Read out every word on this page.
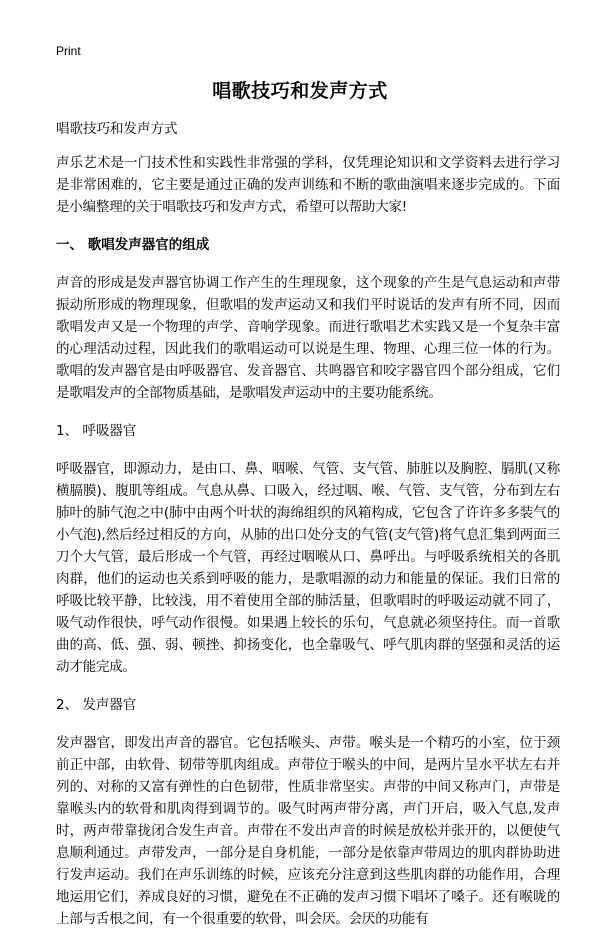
Print
唱歌技巧和发声方式
唱歌技巧和发声方式

声乐艺术是一门技术性和实践性非常强的学科，仅凭理论知识和文学资料去进行学习是非常困难的，它主要是通过正确的发声训练和不断的歌曲演唱来逐步完成的。下面是小编整理的关于唱歌技巧和发声方式，希望可以帮助大家!

一、 歌唱发声器官的组成

声音的形成是发声器官协调工作产生的生理现象，这个现象的产生是气息运动和声带振动所形成的物理现象，但歌唱的发声运动又和我们平时说话的发声有所不同，因而歌唱发声又是一个物理的声学、音响学现象。而进行歌唱艺术实践又是一个复杂丰富的心理活动过程，因此我们的歌唱运动可以说是生理、物理、心理三位一体的行为。歌唱的发声器官是由呼吸器官、发音器官、共鸣器官和咬字器官四个部分组成，它们是歌唱发声的全部物质基础，是歌唱发声运动中的主要功能系统。

1、 呼吸器官

呼吸器官，即源动力，是由口、鼻、咽喉、气管、支气管、肺脏以及胸腔、膈肌(又称横膈膜)、腹肌等组成。气息从鼻、口吸入，经过咽、喉、气管、支气管，分布到左右肺叶的肺气泡之中(肺中由两个叶状的海绵组织的风箱构成，它包含了许许多多装气的小气泡),然后经过相反的方向，从肺的出口处分支的气管(支气管)将气息汇集到两面三刀个大气管，最后形成一个气管，再经过咽喉从口、鼻呼出。与呼吸系统相关的各肌肉群，他们的运动也关系到呼吸的能力，是歌唱源的动力和能量的保证。我们日常的呼吸比较平静，比较浅，用不着使用全部的肺活量，但歌唱时的呼吸运动就不同了，吸气动作很快，呼气动作很慢。如果遇上较长的乐句，气息就必须坚持住。而一首歌曲的高、低、强、弱、顿挫、抑扬变化，也全靠吸气、呼气肌肉群的坚强和灵活的运动才能完成。

2、 发声器官

发声器官，即发出声音的器官。它包括喉头、声带。喉头是一个精巧的小室，位于颈前正中部，由软骨、韧带等肌肉组成。声带位于喉头的中间，是两片呈水平状左右并列的、对称的又富有弹性的白色韧带，性质非常坚实。声带的中间又称声门，声带是靠喉头内的软骨和肌肉得到调节的。吸气时两声带分离，声门开启，吸入气息,发声时，两声带靠拢闭合发生声音。声带在不发出声音的时候是放松并张开的，以便使气息顺利通过。声带发声，一部分是自身机能，一部分是依靠声带周边的肌肉群协助进行发声运动。我们在声乐训练的时候，应该充分注意到这些肌肉群的功能作用，合理地运用它们，养成良好的习惯，避免在不正确的发声习惯下唱坏了嗓子。还有喉咙的上部与舌根之间，有一个很重要的软骨，叫会厌。会厌的功能有
